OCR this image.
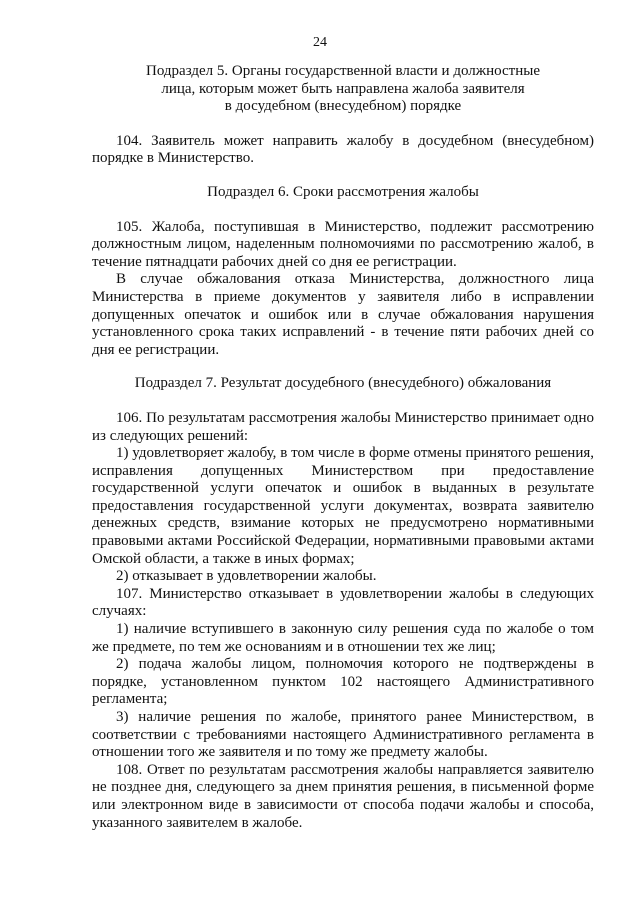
24

Подраздел 5. Органы государственной власти и должностные
лица, которым может быть направлена жалоба заявителя
в досудебном (внесудебном) порядке

104. Заявитель может направить жалобу в досудебном (внесудебном) порядке в Министерство.

Подраздел 6. Сроки рассмотрения жалобы

105. Жалоба, поступившая в Министерство, подлежит рассмотрению должностным лицом, наделенным полномочиями по рассмотрению жалоб, в течение пятнадцати рабочих дней со дня ее регистрации.

В случае обжалования отказа Министерства, должностного лица Министерства в приеме документов у заявителя либо в исправлении допущенных опечаток и ошибок или в случае обжалования нарушения установленного срока таких исправлений - в течение пяти рабочих дней со дня ее регистрации.

Подраздел 7. Результат досудебного (внесудебного) обжалования

106. По результатам рассмотрения жалобы Министерство принимает одно из следующих решений:

1) удовлетворяет жалобу, в том числе в форме отмены принятого решения, исправления допущенных Министерством при предоставление государственной услуги опечаток и ошибок в выданных в результате предоставления государственной услуги документах, возврата заявителю денежных средств, взимание которых не предусмотрено нормативными правовыми актами Российской Федерации, нормативными правовыми актами Омской области, а также в иных формах;

2) отказывает в удовлетворении жалобы.

107. Министерство отказывает в удовлетворении жалобы в следующих случаях:

1) наличие вступившего в законную силу решения суда по жалобе о том же предмете, по тем же основаниям и в отношении тех же лиц;

2) подача жалобы лицом, полномочия которого не подтверждены в порядке, установленном пунктом 102 настоящего Административного регламента;

3) наличие решения по жалобе, принятого ранее Министерством, в соответствии с требованиями настоящего Административного регламента в отношении того же заявителя и по тому же предмету жалобы.

108. Ответ по результатам рассмотрения жалобы направляется заявителю не позднее дня, следующего за днем принятия решения, в письменной форме или электронном виде в зависимости от способа подачи жалобы и способа, указанного заявителем в жалобе.
